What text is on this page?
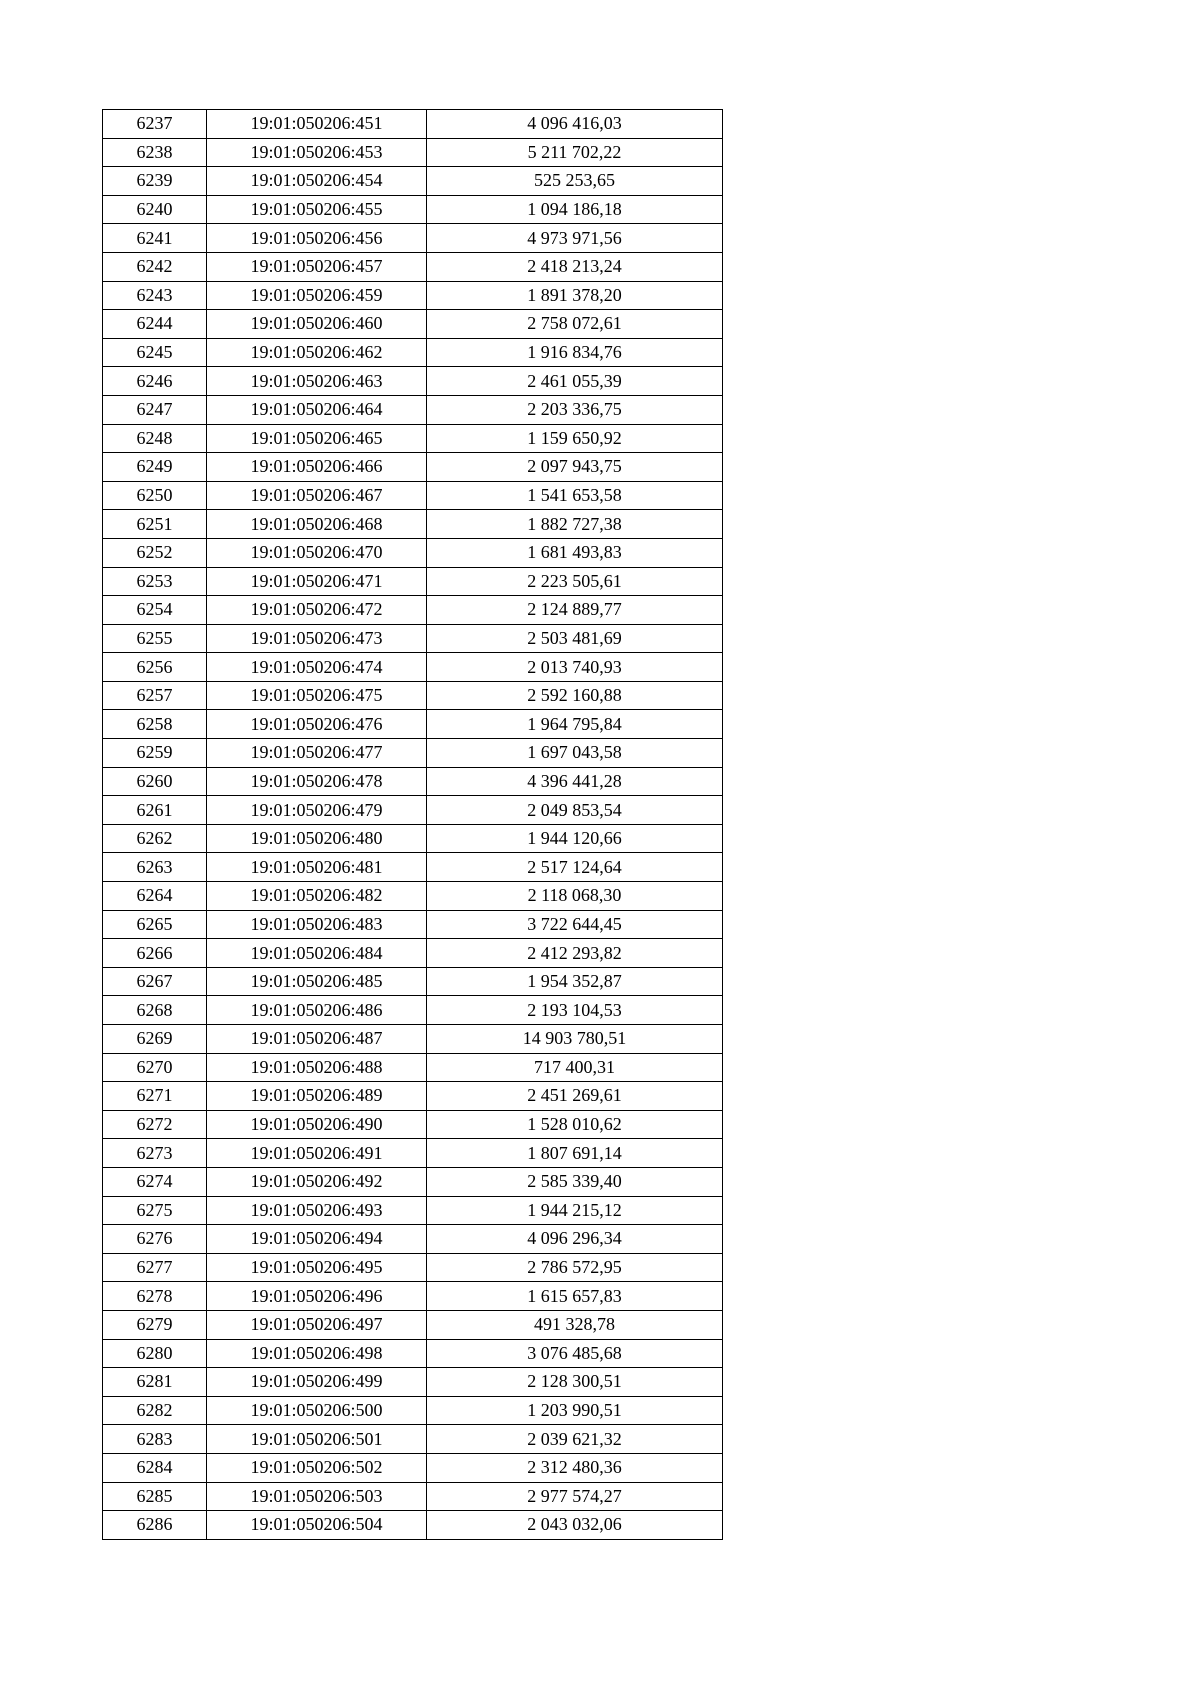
6237	19:01:050206:451	4 096 416,03
6238	19:01:050206:453	5 211 702,22
6239	19:01:050206:454	525 253,65
6240	19:01:050206:455	1 094 186,18
6241	19:01:050206:456	4 973 971,56
6242	19:01:050206:457	2 418 213,24
6243	19:01:050206:459	1 891 378,20
6244	19:01:050206:460	2 758 072,61
6245	19:01:050206:462	1 916 834,76
6246	19:01:050206:463	2 461 055,39
6247	19:01:050206:464	2 203 336,75
6248	19:01:050206:465	1 159 650,92
6249	19:01:050206:466	2 097 943,75
6250	19:01:050206:467	1 541 653,58
6251	19:01:050206:468	1 882 727,38
6252	19:01:050206:470	1 681 493,83
6253	19:01:050206:471	2 223 505,61
6254	19:01:050206:472	2 124 889,77
6255	19:01:050206:473	2 503 481,69
6256	19:01:050206:474	2 013 740,93
6257	19:01:050206:475	2 592 160,88
6258	19:01:050206:476	1 964 795,84
6259	19:01:050206:477	1 697 043,58
6260	19:01:050206:478	4 396 441,28
6261	19:01:050206:479	2 049 853,54
6262	19:01:050206:480	1 944 120,66
6263	19:01:050206:481	2 517 124,64
6264	19:01:050206:482	2 118 068,30
6265	19:01:050206:483	3 722 644,45
6266	19:01:050206:484	2 412 293,82
6267	19:01:050206:485	1 954 352,87
6268	19:01:050206:486	2 193 104,53
6269	19:01:050206:487	14 903 780,51
6270	19:01:050206:488	717 400,31
6271	19:01:050206:489	2 451 269,61
6272	19:01:050206:490	1 528 010,62
6273	19:01:050206:491	1 807 691,14
6274	19:01:050206:492	2 585 339,40
6275	19:01:050206:493	1 944 215,12
6276	19:01:050206:494	4 096 296,34
6277	19:01:050206:495	2 786 572,95
6278	19:01:050206:496	1 615 657,83
6279	19:01:050206:497	491 328,78
6280	19:01:050206:498	3 076 485,68
6281	19:01:050206:499	2 128 300,51
6282	19:01:050206:500	1 203 990,51
6283	19:01:050206:501	2 039 621,32
6284	19:01:050206:502	2 312 480,36
6285	19:01:050206:503	2 977 574,27
6286	19:01:050206:504	2 043 032,06
